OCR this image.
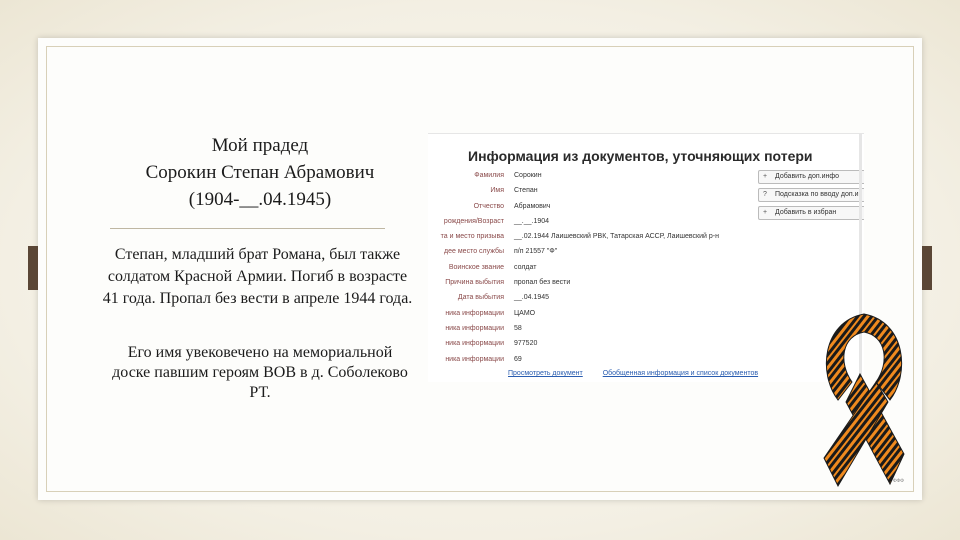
Мой прадед
Сорокин Степан Абрамович
(1904-__.04.1945)
Степан, младший брат Романа, был также солдатом Красной Армии. Погиб в возрасте 41 года. Пропал без вести в апреле 1944 года.
Его имя увековечено на мемориальной доске павшим героям ВОВ в д. Соболеково РТ.
Информация из документов, уточняющих потери
Фамилия Сорокин
Имя Степан
Отчество Абрамович
рождения/Возраст __.__.1904
та и место призыва __.02.1944 Лаишевский РВК, Татарская АССР, Лаишевский р-н
дее место службы п/п 21557 "Ф"
Воинское звание солдат
Причина выбытия пропал без вести
Дата выбытия __.04.1945
ника информации ЦАМО
ника информации 58
ника информации 977520
ника информации 69
+ Добавить доп.инфо
? Подсказка по вводу доп.и
+ Добавить в избран
Просмотреть документ	Обобщенная информация и список документов
ΦΦΦ
